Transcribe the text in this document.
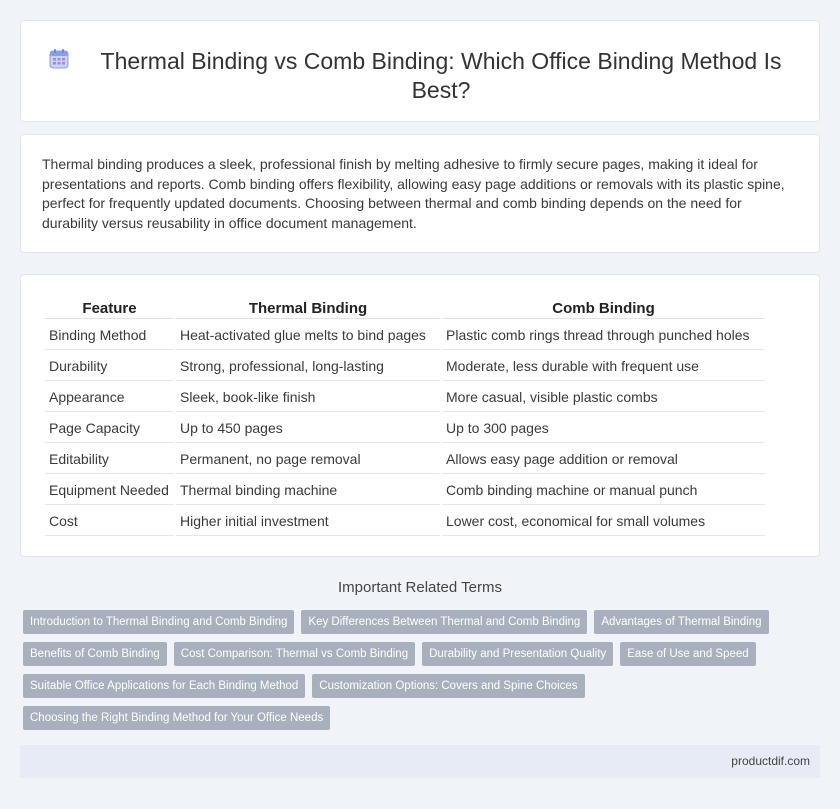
Thermal Binding vs Comb Binding: Which Office Binding Method Is Best?

Thermal binding produces a sleek, professional finish by melting adhesive to firmly secure pages, making it ideal for presentations and reports. Comb binding offers flexibility, allowing easy page additions or removals with its plastic spine, perfect for frequently updated documents. Choosing between thermal and comb binding depends on the need for durability versus reusability in office document management.

Feature	Thermal Binding	Comb Binding
Binding Method	Heat-activated glue melts to bind pages	Plastic comb rings thread through punched holes
Durability	Strong, professional, long-lasting	Moderate, less durable with frequent use
Appearance	Sleek, book-like finish	More casual, visible plastic combs
Page Capacity	Up to 450 pages	Up to 300 pages
Editability	Permanent, no page removal	Allows easy page addition or removal
Equipment Needed	Thermal binding machine	Comb binding machine or manual punch
Cost	Higher initial investment	Lower cost, economical for small volumes
Important Related Terms
Introduction to Thermal Binding and Comb Binding	Key Differences Between Thermal and Comb Binding	Advantages of Thermal Binding
Benefits of Comb Binding	Cost Comparison: Thermal vs Comb Binding	Durability and Presentation Quality	Ease of Use and Speed
Suitable Office Applications for Each Binding Method	Customization Options: Covers and Spine Choices
Choosing the Right Binding Method for Your Office Needs
productdif.com
